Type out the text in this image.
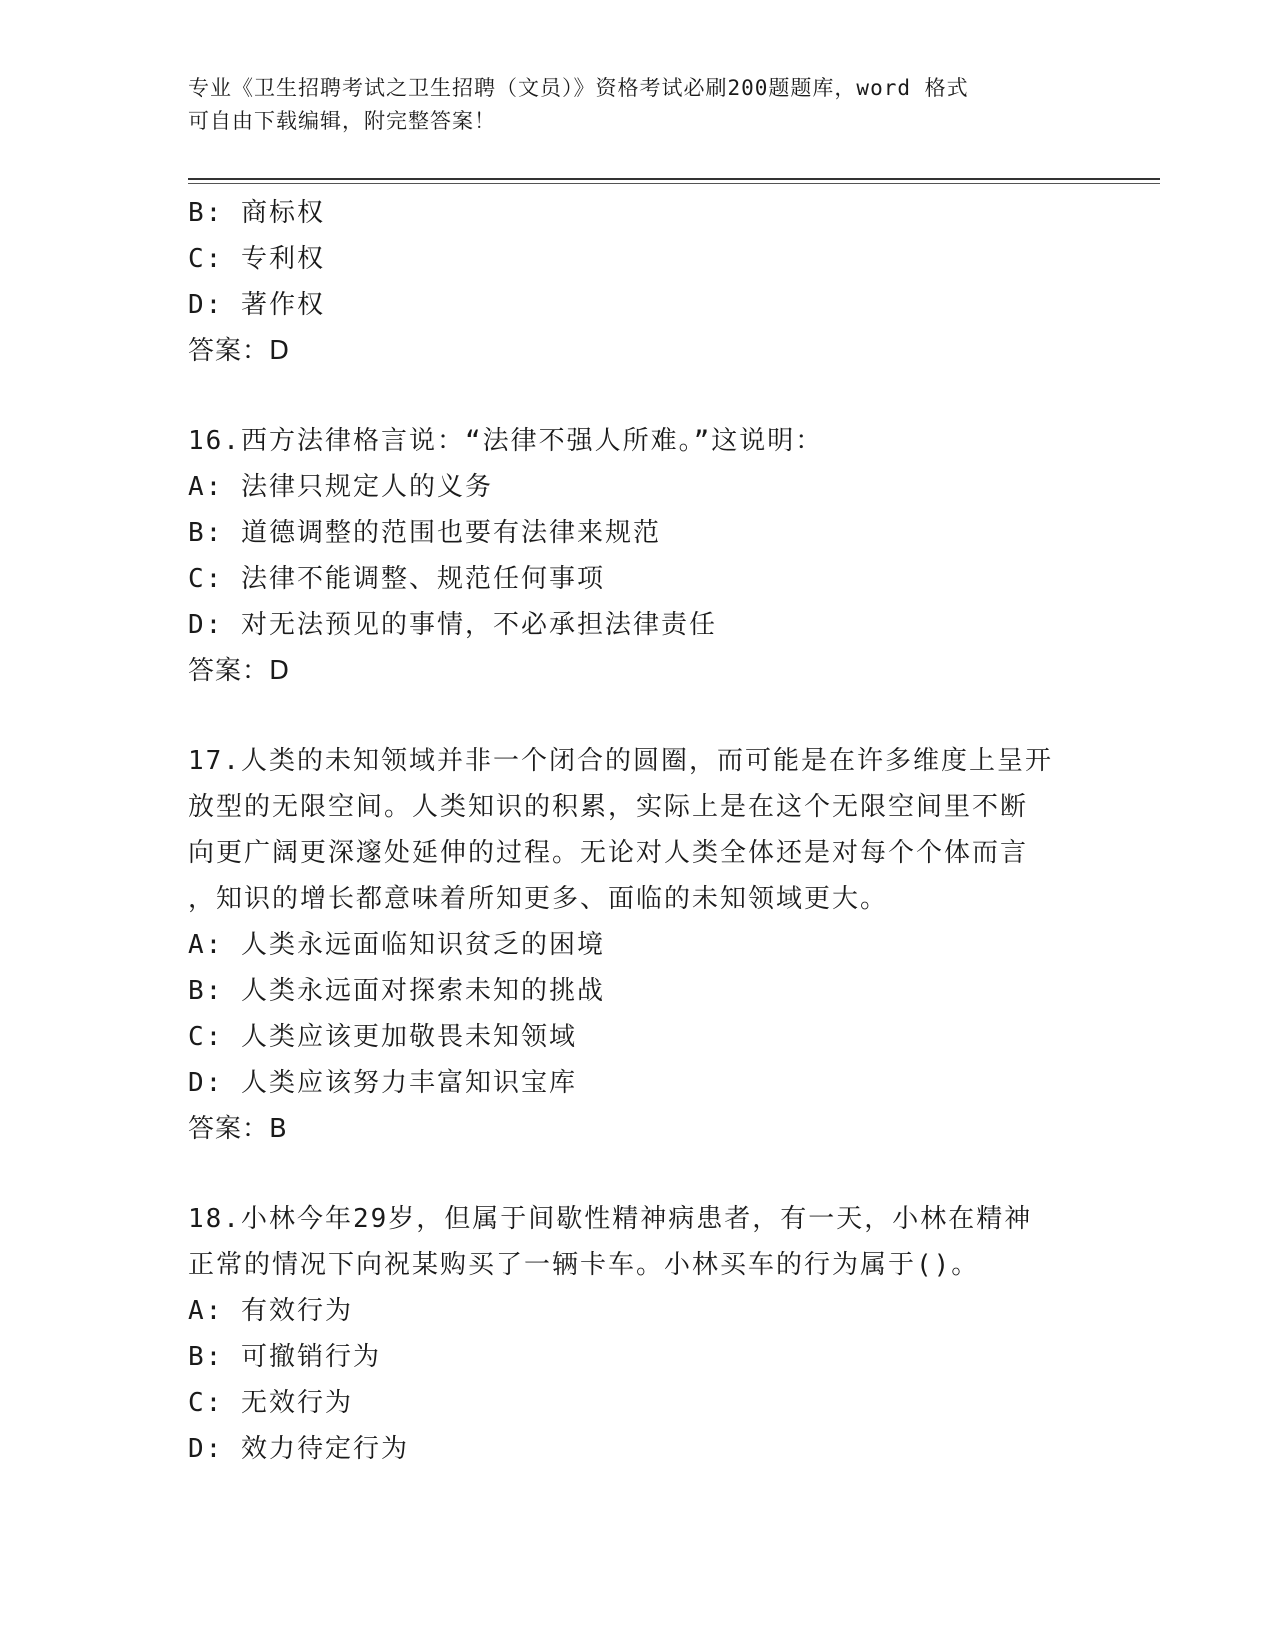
专业《卫生招聘考试之卫生招聘（文员）》资格考试必刷200题题库，word 格式
可自由下载编辑，附完整答案！
B: 商标权
C: 专利权
D: 著作权
答案：D
16.西方法律格言说：“法律不强人所难。”这说明：
A: 法律只规定人的义务
B: 道德调整的范围也要有法律来规范
C: 法律不能调整、规范任何事项
D: 对无法预见的事情，不必承担法律责任
答案：D
17.人类的未知领域并非一个闭合的圆圈，而可能是在许多维度上呈开
放型的无限空间。人类知识的积累，实际上是在这个无限空间里不断
向更广阔更深邃处延伸的过程。无论对人类全体还是对每个个体而言
，知识的增长都意味着所知更多、面临的未知领域更大。
A: 人类永远面临知识贫乏的困境
B: 人类永远面对探索未知的挑战
C: 人类应该更加敬畏未知领域
D: 人类应该努力丰富知识宝库
答案：B
18.小林今年29岁，但属于间歇性精神病患者，有一天，小林在精神
正常的情况下向祝某购买了一辆卡车。小林买车的行为属于()。
A: 有效行为
B: 可撤销行为
C: 无效行为
D: 效力待定行为
